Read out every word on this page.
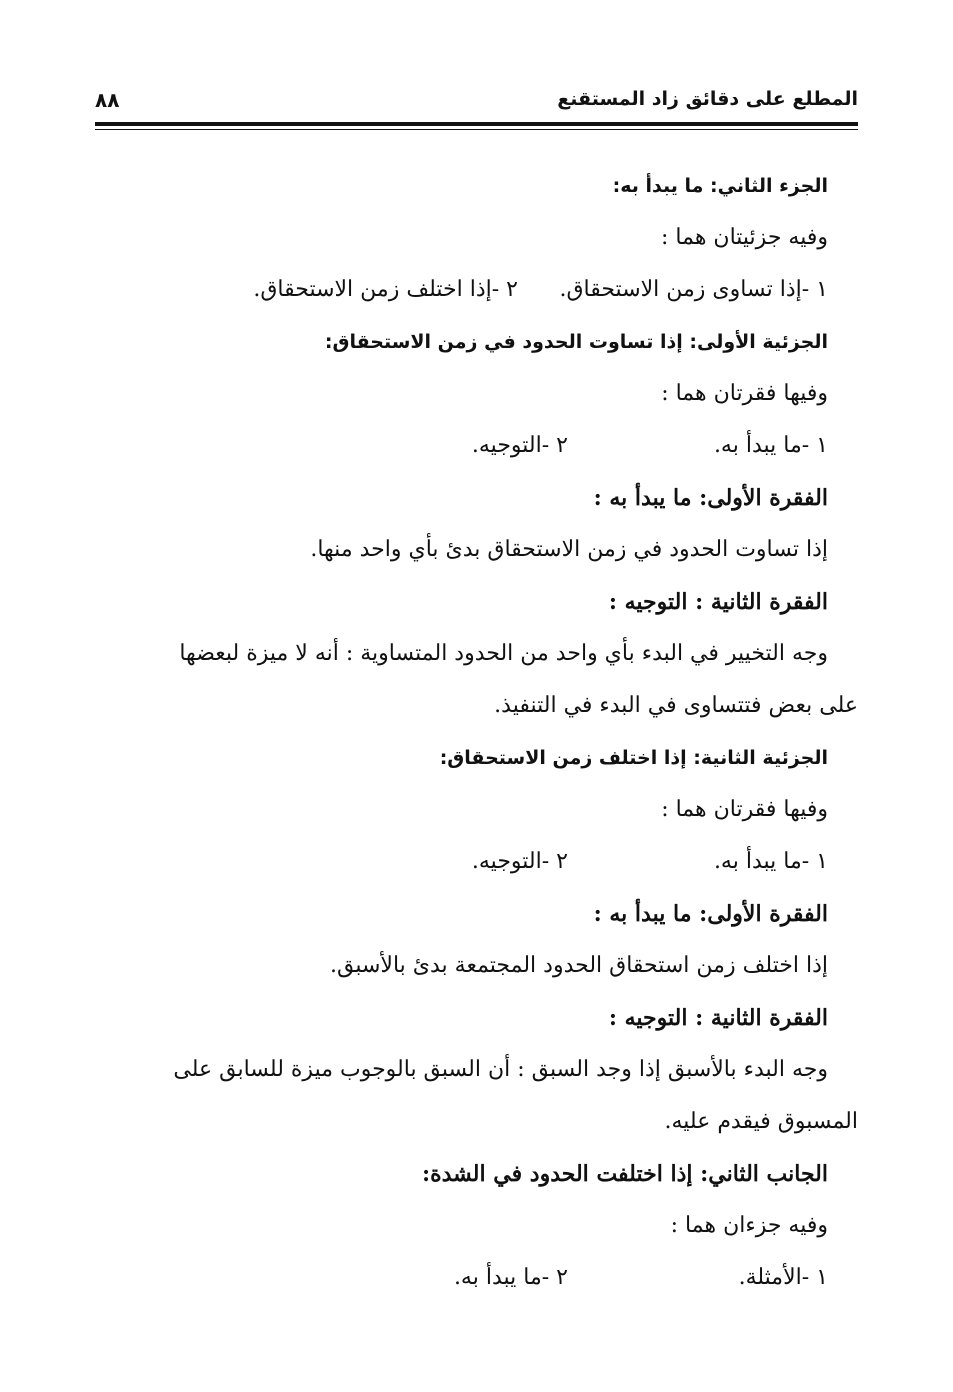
المطلع على دقائق زاد المستقنع
٨٨
الجزء الثاني: ما يبدأ به:
وفيه جزئيتان هما :
١ -إذا تساوى زمن الاستحقاق.
٢ -إذا اختلف زمن الاستحقاق.
الجزئية الأولى: إذا تساوت الحدود في زمن الاستحقاق:
وفيها فقرتان هما :
١ -ما يبدأ به.
٢ -التوجيه.
الفقرة الأولى: ما يبدأ به :
إذا تساوت الحدود في زمن الاستحقاق بدئ بأي واحد منها.
الفقرة الثانية : التوجيه :
وجه التخيير في البدء بأي واحد من الحدود المتساوية : أنه لا ميزة لبعضها
على بعض فتتساوى في البدء في التنفيذ.
الجزئية الثانية: إذا اختلف زمن الاستحقاق:
وفيها فقرتان هما :
١ -ما يبدأ به.
٢ -التوجيه.
الفقرة الأولى: ما يبدأ به :
إذا اختلف زمن استحقاق الحدود المجتمعة بدئ بالأسبق.
الفقرة الثانية : التوجيه :
وجه البدء بالأسبق إذا وجد السبق : أن السبق بالوجوب ميزة للسابق على
المسبوق فيقدم عليه.
الجانب الثاني: إذا اختلفت الحدود في الشدة:
وفيه جزءان هما :
١ -الأمثلة.
٢ -ما يبدأ به.
